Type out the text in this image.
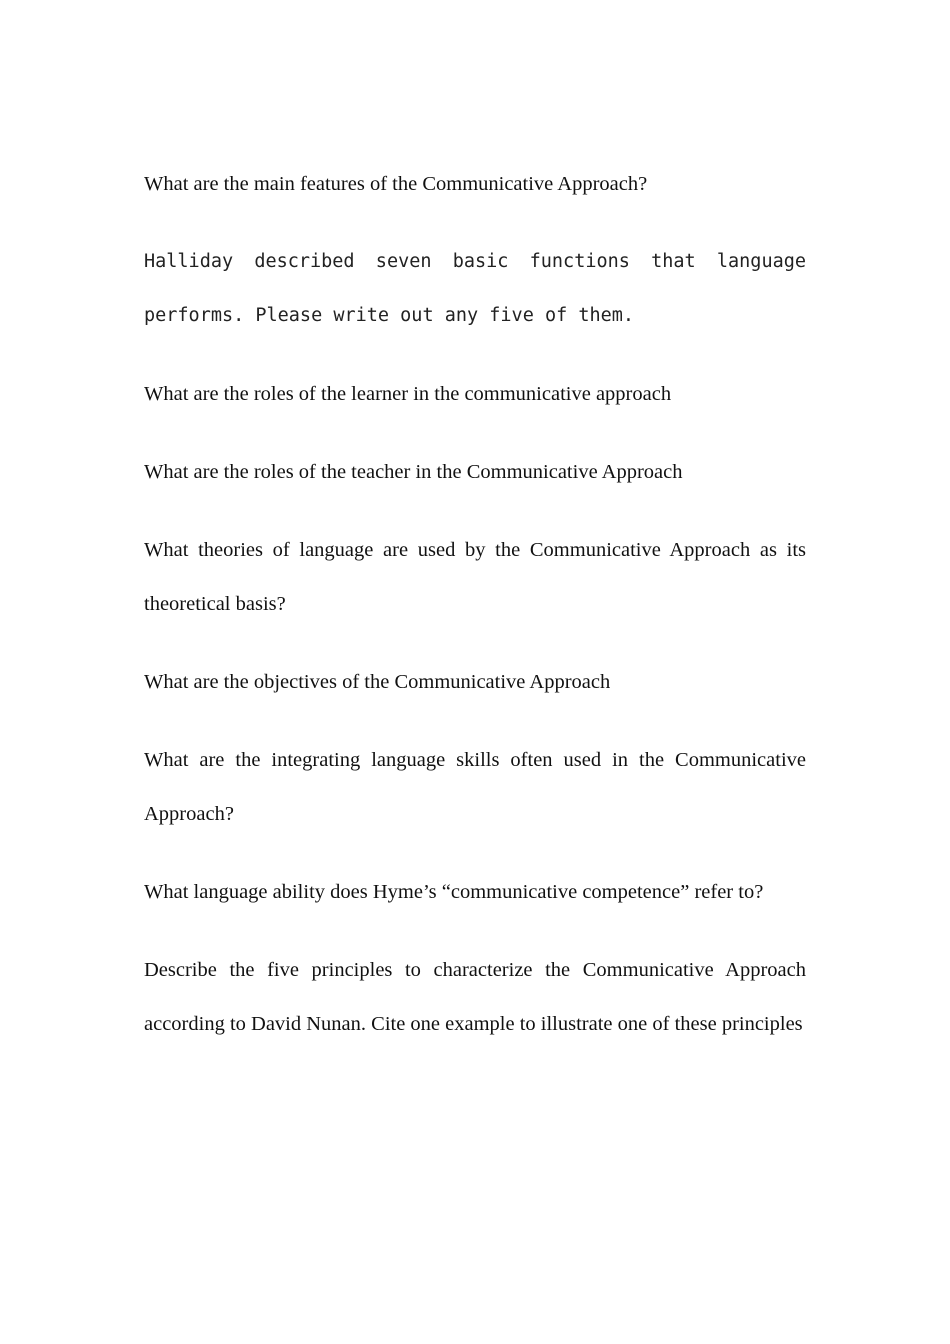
What are the main features of the Communicative Approach?

Halliday described seven basic functions that language performs. Please write out any five of them.

What are the roles of the learner in the communicative approach

What are the roles of the teacher in the Communicative Approach

What theories of language are used by the Communicative Approach as its theoretical basis?

What are the objectives of the Communicative Approach

What are the integrating language skills often used in the Communicative Approach?

What language ability does Hyme’s “communicative competence” refer to?

Describe the five principles to characterize the Communicative Approach according to David Nunan. Cite one example to illustrate one of these principles
